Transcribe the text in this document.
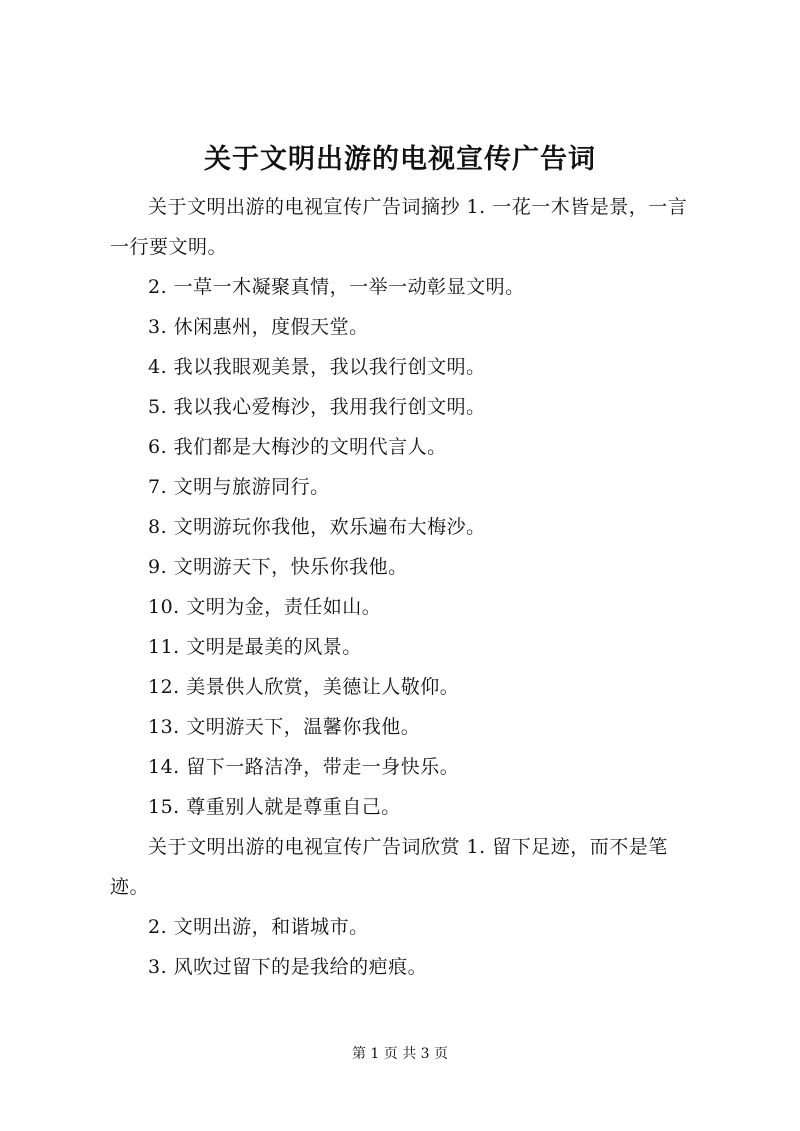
关于文明出游的电视宣传广告词

关于文明出游的电视宣传广告词摘抄 1. 一花一木皆是景，一言一行要文明。

2. 一草一木凝聚真情，一举一动彰显文明。

3. 休闲惠州，度假天堂。

4. 我以我眼观美景，我以我行创文明。

5. 我以我心爱梅沙，我用我行创文明。

6. 我们都是大梅沙的文明代言人。

7. 文明与旅游同行。

8. 文明游玩你我他，欢乐遍布大梅沙。

9. 文明游天下，快乐你我他。

10. 文明为金，责任如山。

11. 文明是最美的风景。

12. 美景供人欣赏，美德让人敬仰。

13. 文明游天下，温馨你我他。

14. 留下一路洁净，带走一身快乐。

15. 尊重别人就是尊重自己。

关于文明出游的电视宣传广告词欣赏 1. 留下足迹，而不是笔迹。

2. 文明出游，和谐城市。

3. 风吹过留下的是我给的疤痕。

第 1 页 共 3 页
